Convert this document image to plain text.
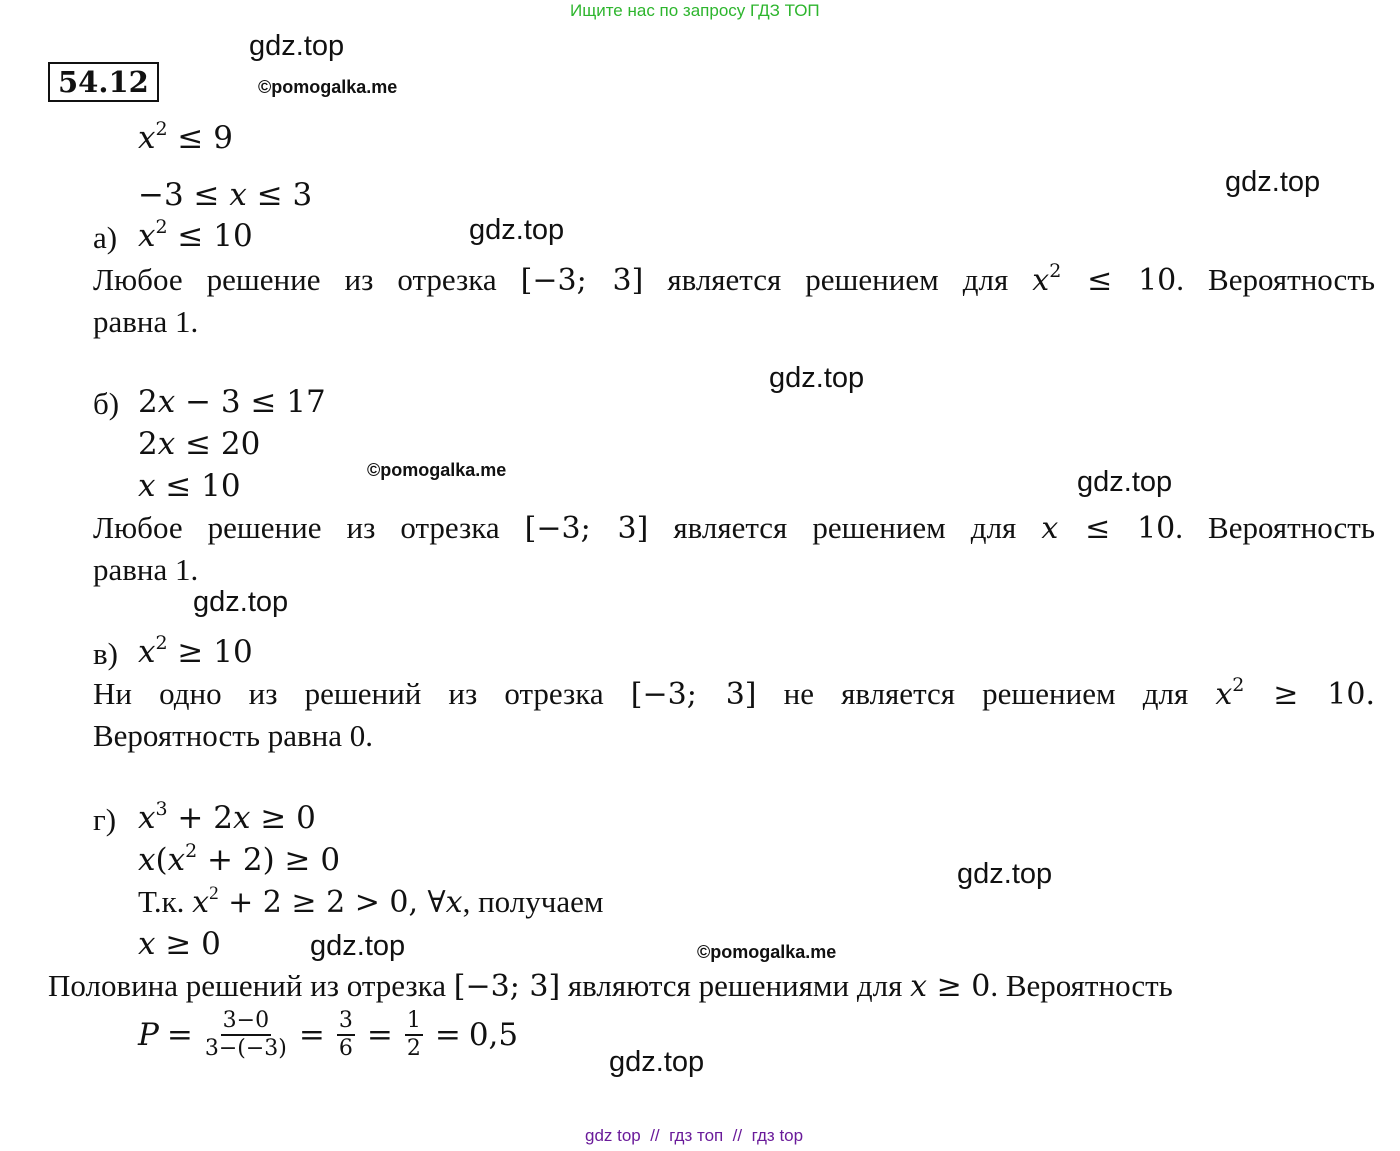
Ищите нас по запросу ГДЗ ТОП
54.12
gdz.top
©pomogalka.me
gdz.top
gdz.top
gdz.top
©pomogalka.me	gdz.top
gdz.top
gdz.top
gdz.top	©pomogalka.me
gdz.top
$x^2 \le 9$
−3 ≤ x ≤ 3
а) $x^2 \le 10$
Любое решение из отрезка [−3; 3] является решением для $x^2 \le 10$. Вероятность
равна 1.
б) 2x − 3 ≤ 17
2x ≤ 20
x ≤ 10
Любое решение из отрезка [−3; 3] является решением для x ≤ 10. Вероятность
равна 1.
в) $x^2 \ge 10$
Ни одно из решений из отрезка [−3; 3] не является решением для $x^2 \ge 10$.
Вероятность равна 0.
г) $x^3 + 2x \ge 0$
$x(x^2 + 2) \ge 0$
Т.к. $x^2 + 2 \ge 2 > 0$, ∀x, получаем
x ≥ 0
Половина решений из отрезка [−3; 3] являются решениями для x ≥ 0. Вероятность
$P = \frac{3-0}{3-(-3)} = \frac{3}{6} = \frac{1}{2} = 0,5$
gdz top  //  гдз топ  //  гдз top
